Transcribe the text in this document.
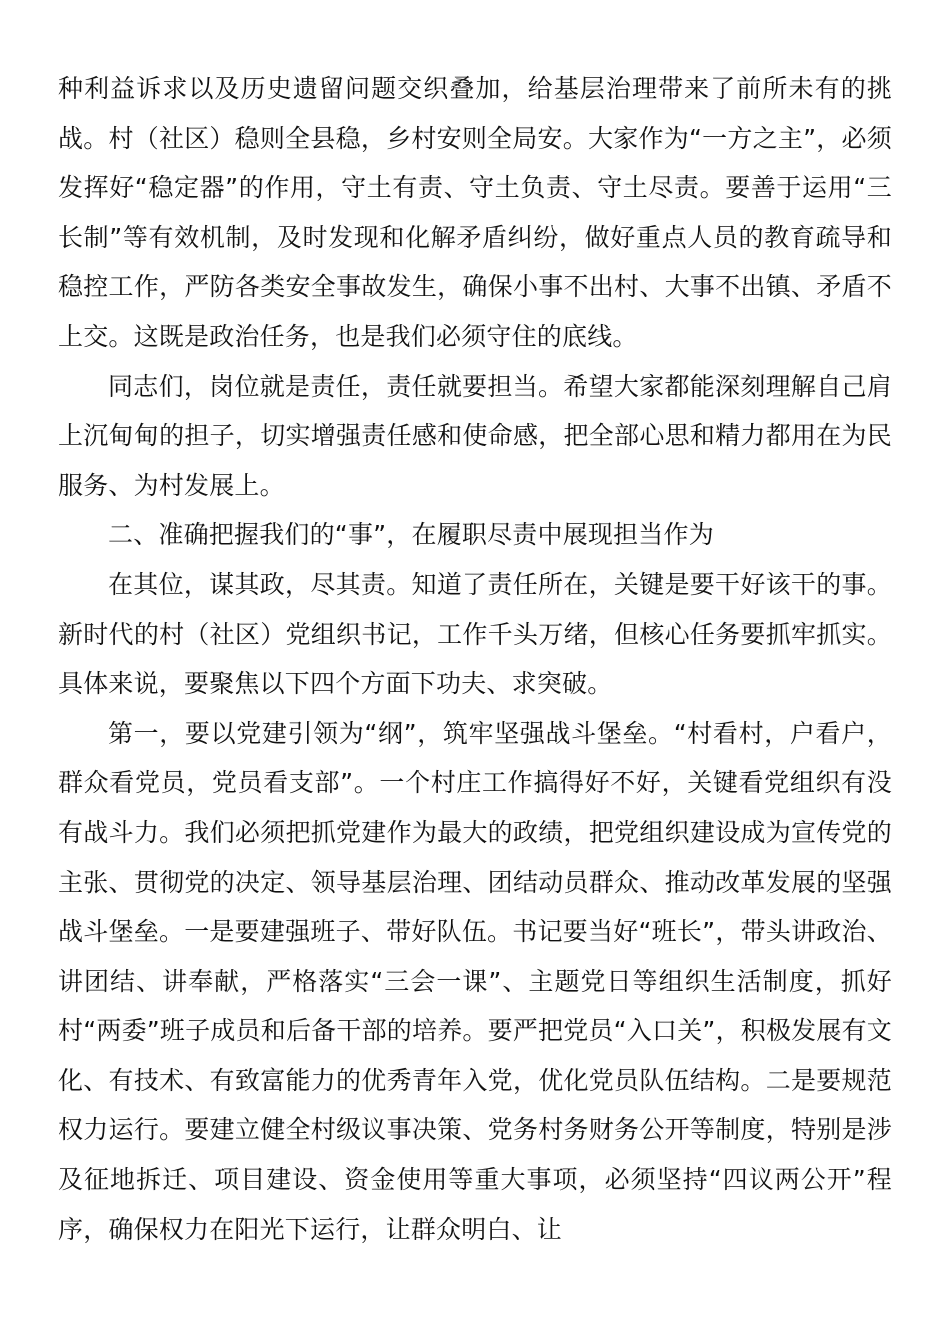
种利益诉求以及历史遗留问题交织叠加，给基层治理带来了前所未有的挑战。村（社区）稳则全县稳，乡村安则全局安。大家作为“一方之主”，必须发挥好“稳定器”的作用，守土有责、守土负责、守土尽责。要善于运用“三长制”等有效机制，及时发现和化解矛盾纠纷，做好重点人员的教育疏导和稳控工作，严防各类安全事故发生，确保小事不出村、大事不出镇、矛盾不上交。这既是政治任务，也是我们必须守住的底线。

同志们，岗位就是责任，责任就要担当。希望大家都能深刻理解自己肩上沉甸甸的担子，切实增强责任感和使命感，把全部心思和精力都用在为民服务、为村发展上。

二、准确把握我们的“事”，在履职尽责中展现担当作为

在其位，谋其政，尽其责。知道了责任所在，关键是要干好该干的事。新时代的村（社区）党组织书记，工作千头万绪，但核心任务要抓牢抓实。具体来说，要聚焦以下四个方面下功夫、求突破。

第一，要以党建引领为“纲”，筑牢坚强战斗堡垒。“村看村，户看户，群众看党员，党员看支部”。一个村庄工作搞得好不好，关键看党组织有没有战斗力。我们必须把抓党建作为最大的政绩，把党组织建设成为宣传党的主张、贯彻党的决定、领导基层治理、团结动员群众、推动改革发展的坚强战斗堡垒。一是要建强班子、带好队伍。书记要当好“班长”，带头讲政治、讲团结、讲奉献，严格落实“三会一课”、主题党日等组织生活制度，抓好村“两委”班子成员和后备干部的培养。要严把党员“入口关”，积极发展有文化、有技术、有致富能力的优秀青年入党，优化党员队伍结构。二是要规范权力运行。要建立健全村级议事决策、党务村务财务公开等制度，特别是涉及征地拆迁、项目建设、资金使用等重大事项，必须坚持“四议两公开”程序，确保权力在阳光下运行，让群众明白、让
